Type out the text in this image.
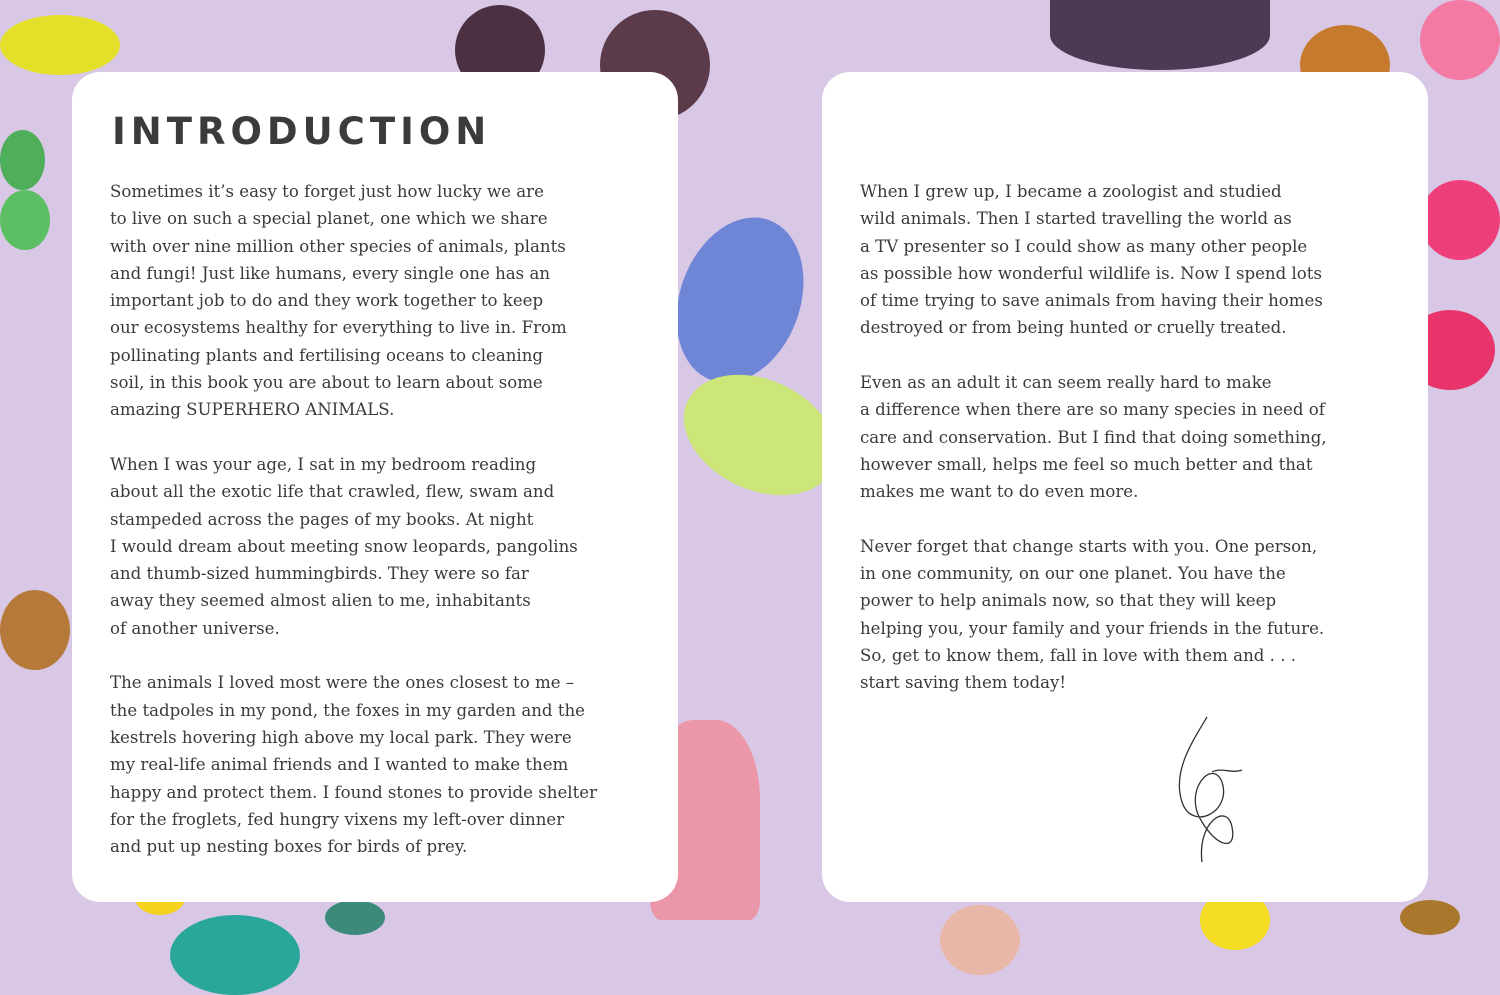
INTRODUCTION
Sometimes it’s easy to forget just how lucky we are
to live on such a special planet, one which we share
with over nine million other species of animals, plants
and fungi! Just like humans, every single one has an
important job to do and they work together to keep
our ecosystems healthy for everything to live in. From
pollinating plants and fertilising oceans to cleaning
soil, in this book you are about to learn about some
amazing SUPERHERO ANIMALS.
When I was your age, I sat in my bedroom reading
about all the exotic life that crawled, flew, swam and
stampeded across the pages of my books. At night
I would dream about meeting snow leopards, pangolins
and thumb-sized hummingbirds. They were so far
away they seemed almost alien to me, inhabitants
of another universe.
The animals I loved most were the ones closest to me –
the tadpoles in my pond, the foxes in my garden and the
kestrels hovering high above my local park. They were
my real-life animal friends and I wanted to make them
happy and protect them. I found stones to provide shelter
for the froglets, fed hungry vixens my left-over dinner
and put up nesting boxes for birds of prey.
When I grew up, I became a zoologist and studied
wild animals. Then I started travelling the world as
a TV presenter so I could show as many other people
as possible how wonderful wildlife is. Now I spend lots
of time trying to save animals from having their homes
destroyed or from being hunted or cruelly treated.
Even as an adult it can seem really hard to make
a difference when there are so many species in need of
care and conservation. But I find that doing something,
however small, helps me feel so much better and that
makes me want to do even more.
Never forget that change starts with you. One person,
in one community, on our one planet. You have the
power to help animals now, so that they will keep
helping you, your family and your friends in the future.
So, get to know them, fall in love with them and . . .
start saving them today!
